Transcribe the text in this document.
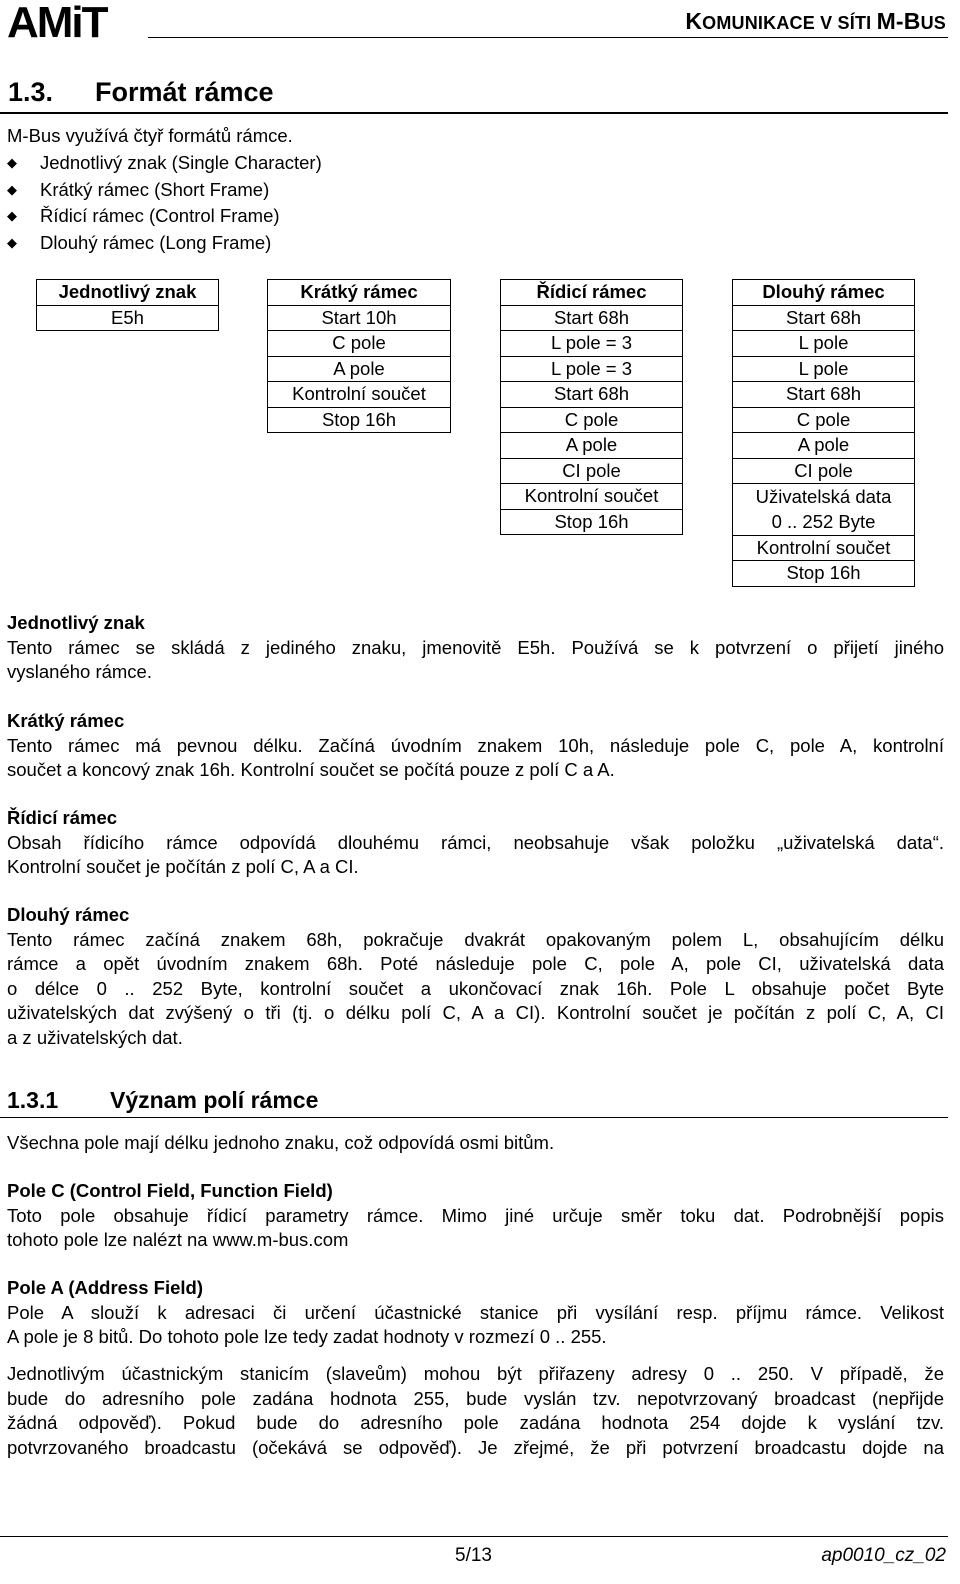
AMiT	KOMUNIKACE V SÍTI M-BUS
1.3. Formát rámce
M-Bus využívá čtyř formátů rámce.
◆ Jednotlivý znak (Single Character)
◆ Krátký rámec (Short Frame)
◆ Řídicí rámec (Control Frame)
◆ Dlouhý rámec (Long Frame)
Jednotlivý znak
E5h
Krátký rámec
Start 10h
C pole
A pole
Kontrolní součet
Stop 16h
Řídicí rámec
Start 68h
L pole = 3
L pole = 3
Start 68h
C pole
A pole
CI pole
Kontrolní součet
Stop 16h
Dlouhý rámec
Start 68h
L pole
L pole
Start 68h
C pole
A pole
CI pole
Uživatelská data
0 .. 252 Byte
Kontrolní součet
Stop 16h
Jednotlivý znak

Tento rámec se skládá z jediného znaku, jmenovitě E5h. Používá se k potvrzení o přijetí jiného
vyslaného rámce.
Krátký rámec

Tento rámec má pevnou délku. Začíná úvodním znakem 10h, následuje pole C, pole A, kontrolní
součet a koncový znak 16h. Kontrolní součet se počítá pouze z polí C a A.
Řídicí rámec

Obsah řídicího rámce odpovídá dlouhému rámci, neobsahuje však položku „uživatelská data“.
Kontrolní součet je počítán z polí C, A a CI.
Dlouhý rámec

Tento rámec začíná znakem 68h, pokračuje dvakrát opakovaným polem L, obsahujícím délku
rámce a opět úvodním znakem 68h. Poté následuje pole C, pole A, pole CI, uživatelská data
o délce 0 .. 252 Byte, kontrolní součet a ukončovací znak 16h. Pole L obsahuje počet Byte
uživatelských dat zvýšený o tři (tj. o délku polí C, A a CI). Kontrolní součet je počítán z polí C, A, CI
a z uživatelských dat.
1.3.1 Význam polí rámce
Všechna pole mají délku jednoho znaku, což odpovídá osmi bitům.
Pole C (Control Field, Function Field)

Toto pole obsahuje řídicí parametry rámce. Mimo jiné určuje směr toku dat. Podrobnější popis
tohoto pole lze nalézt na www.m-bus.com
Pole A (Address Field)

Pole A slouží k adresaci či určení účastnické stanice při vysílání resp. příjmu rámce. Velikost
A pole je 8 bitů. Do tohoto pole lze tedy zadat hodnoty v rozmezí 0 .. 255.
Jednotlivým účastnickým stanicím (slaveům) mohou být přiřazeny adresy 0 .. 250. V případě, že
bude do adresního pole zadána hodnota 255, bude vyslán tzv. nepotvrzovaný broadcast (nepřijde
žádná odpověď). Pokud bude do adresního pole zadána hodnota 254 dojde k vyslání tzv.
potvrzovaného broadcastu (očekává se odpověď). Je zřejmé, že při potvrzení broadcastu dojde na
5/13	ap0010_cz_02
